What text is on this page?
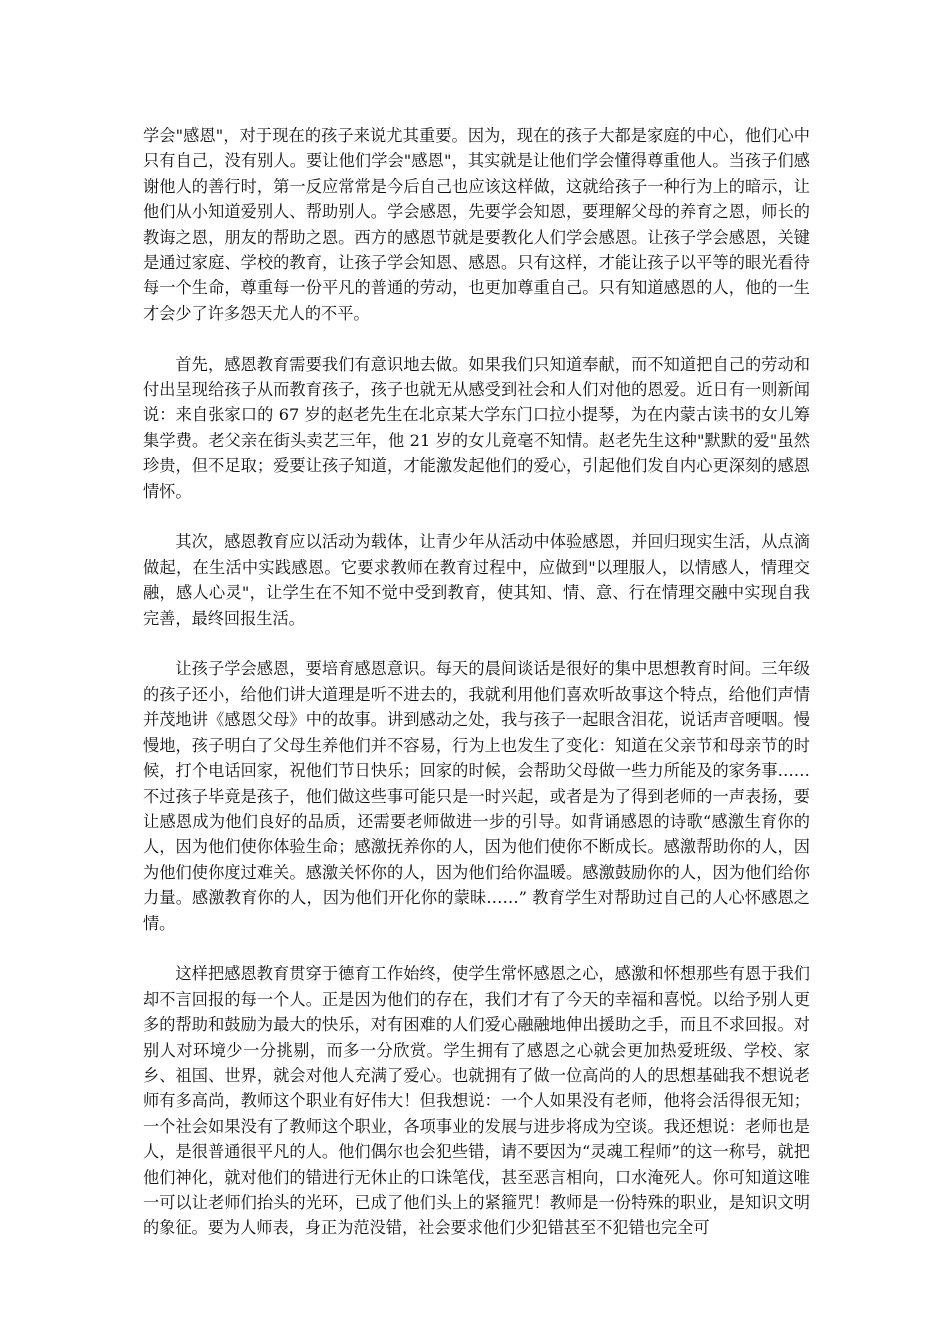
学会"感恩"，对于现在的孩子来说尤其重要。因为，现在的孩子大都是家庭的中心，他们心中只有自己，没有别人。要让他们学会"感恩"，其实就是让他们学会懂得尊重他人。当孩子们感谢他人的善行时，第一反应常常是今后自己也应该这样做，这就给孩子一种行为上的暗示，让他们从小知道爱别人、帮助别人。学会感恩，先要学会知恩，要理解父母的养育之恩，师长的教诲之恩，朋友的帮助之恩。西方的感恩节就是要教化人们学会感恩。让孩子学会感恩，关键是通过家庭、学校的教育，让孩子学会知恩、感恩。只有这样，才能让孩子以平等的眼光看待每一个生命，尊重每一份平凡的普通的劳动，也更加尊重自己。只有知道感恩的人，他的一生才会少了许多怨天尤人的不平。

首先，感恩教育需要我们有意识地去做。如果我们只知道奉献，而不知道把自己的劳动和付出呈现给孩子从而教育孩子，孩子也就无从感受到社会和人们对他的恩爱。近日有一则新闻说：来自张家口的 67 岁的赵老先生在北京某大学东门口拉小提琴，为在内蒙古读书的女儿筹集学费。老父亲在街头卖艺三年，他 21 岁的女儿竟毫不知情。赵老先生这种"默默的爱"虽然珍贵，但不足取；爱要让孩子知道，才能激发起他们的爱心，引起他们发自内心更深刻的感恩情怀。

其次，感恩教育应以活动为载体，让青少年从活动中体验感恩，并回归现实生活，从点滴做起，在生活中实践感恩。它要求教师在教育过程中，应做到"以理服人，以情感人，情理交融，感人心灵"，让学生在不知不觉中受到教育，使其知、情、意、行在情理交融中实现自我完善，最终回报生活。

让孩子学会感恩，要培育感恩意识。每天的晨间谈话是很好的集中思想教育时间。三年级的孩子还小，给他们讲大道理是听不进去的，我就利用他们喜欢听故事这个特点，给他们声情并茂地讲《感恩父母》中的故事。讲到感动之处，我与孩子一起眼含泪花，说话声音哽咽。慢慢地，孩子明白了父母生养他们并不容易，行为上也发生了变化：知道在父亲节和母亲节的时候，打个电话回家，祝他们节日快乐；回家的时候，会帮助父母做一些力所能及的家务事……不过孩子毕竟是孩子，他们做这些事可能只是一时兴起，或者是为了得到老师的一声表扬，要让感恩成为他们良好的品质，还需要老师做进一步的引导。如背诵感恩的诗歌“感激生育你的人，因为他们使你体验生命；感激抚养你的人，因为他们使你不断成长。感激帮助你的人，因为他们使你度过难关。感激关怀你的人，因为他们给你温暖。感激鼓励你的人，因为他们给你力量。感激教育你的人，因为他们开化你的蒙昧……” 教育学生对帮助过自己的人心怀感恩之情。

这样把感恩教育贯穿于德育工作始终，使学生常怀感恩之心，感激和怀想那些有恩于我们却不言回报的每一个人。正是因为他们的存在，我们才有了今天的幸福和喜悦。以给予别人更多的帮助和鼓励为最大的快乐，对有困难的人们爱心融融地伸出援助之手，而且不求回报。对别人对环境少一分挑剔，而多一分欣赏。学生拥有了感恩之心就会更加热爱班级、学校、家乡、祖国、世界，就会对他人充满了爱心。也就拥有了做一位高尚的人的思想基础我不想说老师有多高尚，教师这个职业有好伟大！但我想说：一个人如果没有老师，他将会活得很无知；一个社会如果没有了教师这个职业，各项事业的发展与进步将成为空谈。我还想说：老师也是人，是很普通很平凡的人。他们偶尔也会犯些错，请不要因为“灵魂工程师”的这一称号，就把他们神化，就对他们的错进行无休止的口诛笔伐，甚至恶言相向，口水淹死人。你可知道这唯一可以让老师们抬头的光环，已成了他们头上的紧箍咒！教师是一份特殊的职业，是知识文明的象征。要为人师表，身正为范没错，社会要求他们少犯错甚至不犯错也完全可
